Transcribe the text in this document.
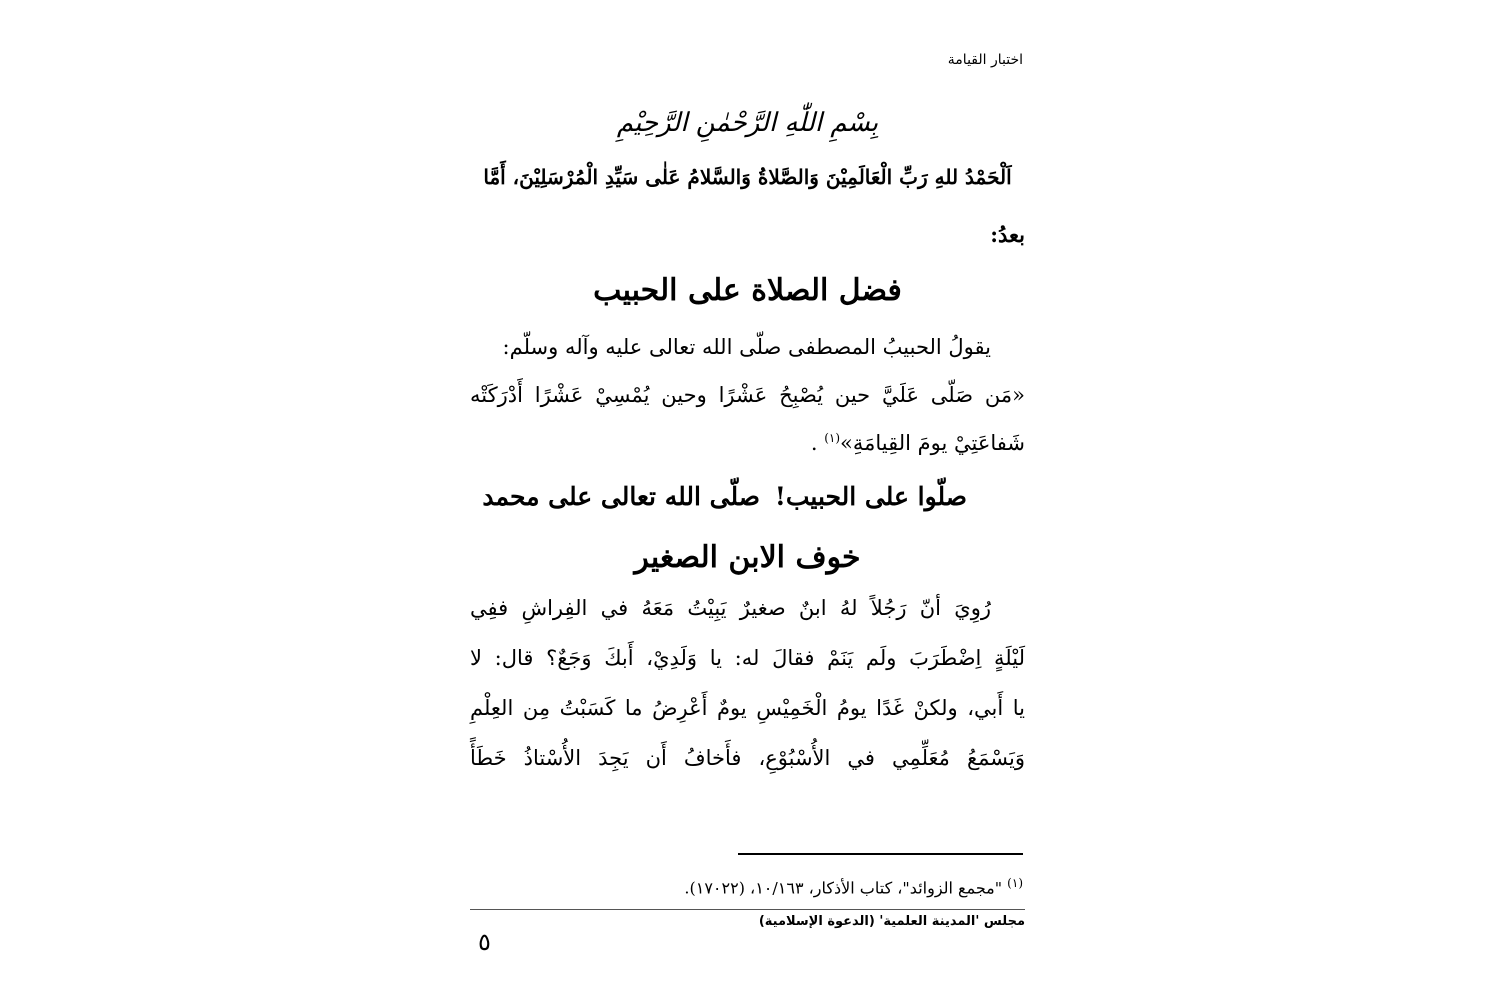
اختبار القيامة
بِسْمِ اللّٰهِ الرَّحْمٰنِ الرَّحِيْمِ
اَلْحَمْدُ للهِ رَبِّ الْعَالَمِيْنَ وَالصَّلاةُ وَالسَّلامُ عَلٰى سَيِّدِ الْمُرْسَلِيْنَ، أَمَّا
بعدُ:
فضل الصلاة على الحبيب
يقولُ الحبيبُ المصطفى صلّى الله تعالى عليه وآله وسلّم:
«مَن صَلّى عَلَيَّ حين يُصْبِحُ عَشْرًا وحين يُمْسِيْ عَشْرًا أَدْرَكَتْه
شَفاعَتِيْ يومَ القِيامَةِ»$^{(١)}$ .
صلّوا على الحبيب!
صلّى الله تعالى على محمد
خوف الابن الصغير
رُوِيَ أنّ رَجُلاً لهُ ابنٌ صغيرٌ يَبِيْتُ مَعَهُ في الفِراشِ ففِي
لَيْلَةٍ اِضْطَرَبَ ولَم يَنَمْ فقالَ له: يا وَلَدِيْ، أَبكَ وَجَعٌ؟ قال: لا
يا أَبي، ولكنْ غَدًا يومُ الْخَمِيْسِ يومٌ أَعْرِضُ ما كَسَبْتُ مِن العِلْمِ
وَيَسْمَعُ مُعَلِّمِي في الأُسْبُوْعِ، فأَخافُ أَن يَجِدَ الأُسْتاذُ خَطَأً
$^{(١)}$ "مجمع الزوائد"، كتاب الأذكار، ١٠/١٦٣، (١٧٠٢٢).
مجلس 'المدينة العلمية' (الدعوة الإسلامية)
٥
